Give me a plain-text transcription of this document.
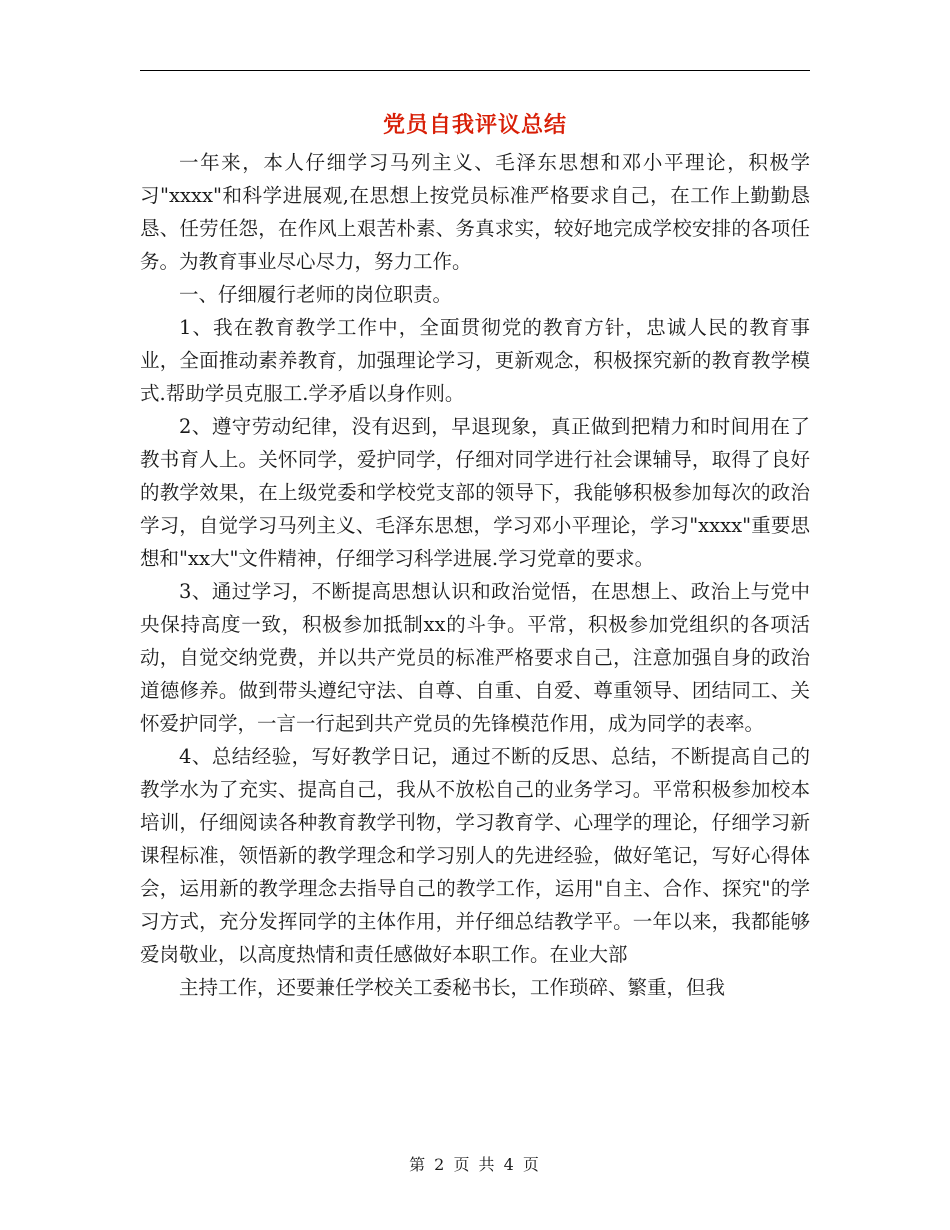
党员自我评议总结

一年来，本人仔细学习马列主义、毛泽东思想和邓小平理论，积极学习"xxxx"和科学进展观,在思想上按党员标准严格要求自己，在工作上勤勤恳恳、任劳任怨，在作风上艰苦朴素、务真求实，较好地完成学校安排的各项任务。为教育事业尽心尽力，努力工作。

一、仔细履行老师的岗位职责。

1、我在教育教学工作中，全面贯彻党的教育方针，忠诚人民的教育事业，全面推动素养教育，加强理论学习，更新观念，积极探究新的教育教学模式.帮助学员克服工.学矛盾以身作则。

2、遵守劳动纪律，没有迟到，早退现象，真正做到把精力和时间用在了教书育人上。关怀同学，爱护同学，仔细对同学进行社会课辅导，取得了良好的教学效果，在上级党委和学校党支部的领导下，我能够积极参加每次的政治学习，自觉学习马列主义、毛泽东思想，学习邓小平理论，学习"xxxx"重要思想和"xx大"文件精神，仔细学习科学进展.学习党章的要求。

3、通过学习，不断提高思想认识和政治觉悟，在思想上、政治上与党中央保持高度一致，积极参加抵制xx的斗争。平常，积极参加党组织的各项活动，自觉交纳党费，并以共产党员的标准严格要求自己，注意加强自身的政治道德修养。做到带头遵纪守法、自尊、自重、自爱、尊重领导、团结同工、关怀爱护同学，一言一行起到共产党员的先锋模范作用，成为同学的表率。

4、总结经验，写好教学日记，通过不断的反思、总结，不断提高自己的教学水为了充实、提高自己，我从不放松自己的业务学习。平常积极参加校本培训，仔细阅读各种教育教学刊物，学习教育学、心理学的理论，仔细学习新课程标准，领悟新的教学理念和学习别人的先进经验，做好笔记，写好心得体会，运用新的教学理念去指导自己的教学工作，运用"自主、合作、探究"的学习方式，充分发挥同学的主体作用，并仔细总结教学平。一年以来，我都能够爱岗敬业，以高度热情和责任感做好本职工作。在业大部

主持工作，还要兼任学校关工委秘书长，工作琐碎、繁重，但我

第 2 页 共 4 页
